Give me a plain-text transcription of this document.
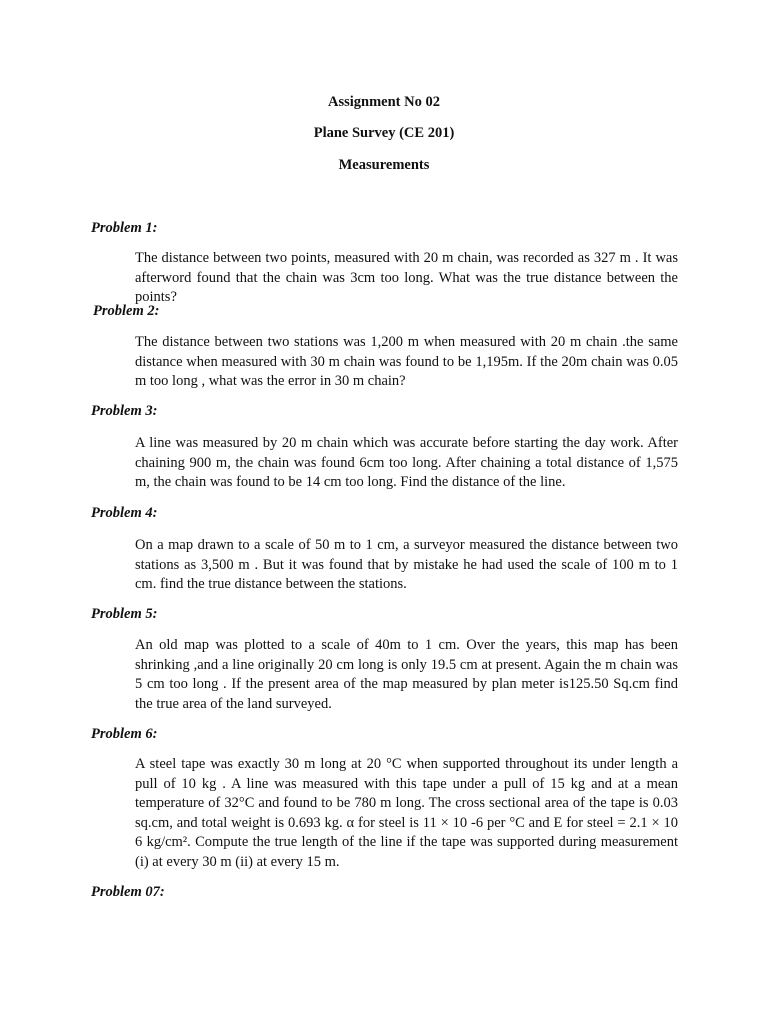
Assignment No 02
Plane Survey (CE 201)
Measurements
Problem 1:
The distance between two points, measured with 20 m chain, was recorded as 327 m . It was afterword found that the chain was 3cm too long. What was the true distance between the points?
Problem 2:
The distance between two stations was 1,200 m when measured with 20 m chain .the same distance when measured with 30 m chain was found to be 1,195m. If the 20m chain was 0.05 m too long , what was the error in 30 m chain?
Problem 3:
A line was measured by 20 m chain which was accurate before starting the day work. After chaining 900 m, the chain was found 6cm too long. After chaining a total distance of 1,575 m, the chain was found to be 14 cm too long. Find the distance of the line.
Problem 4:
On a map drawn to a scale of 50 m to 1 cm, a surveyor measured the distance between two stations as 3,500 m . But it was found that by mistake he had used the scale of 100 m to 1 cm. find the true distance between the stations.
Problem 5:
An old map was plotted to a scale of 40m to 1 cm. Over the years, this map has been shrinking ,and a line originally 20 cm long is only 19.5 cm at present. Again the m chain was 5 cm too long . If the present area of the map measured by plan meter is125.50 Sq.cm find the true area of the land surveyed.
Problem 6:
A steel tape was exactly 30 m long at 20 °C when supported throughout its under length a pull of 10 kg . A line was measured with this tape under a pull of 15 kg and at a mean temperature of 32°C and found to be 780 m long. The cross sectional area of the tape is 0.03 sq.cm, and total weight is 0.693 kg. α for steel is 11 × 10 -6 per °C and E for steel = 2.1 × 10 6 kg/cm². Compute the true length of the line if the tape was supported during measurement (i) at every 30 m (ii) at every 15 m.
Problem 07:
